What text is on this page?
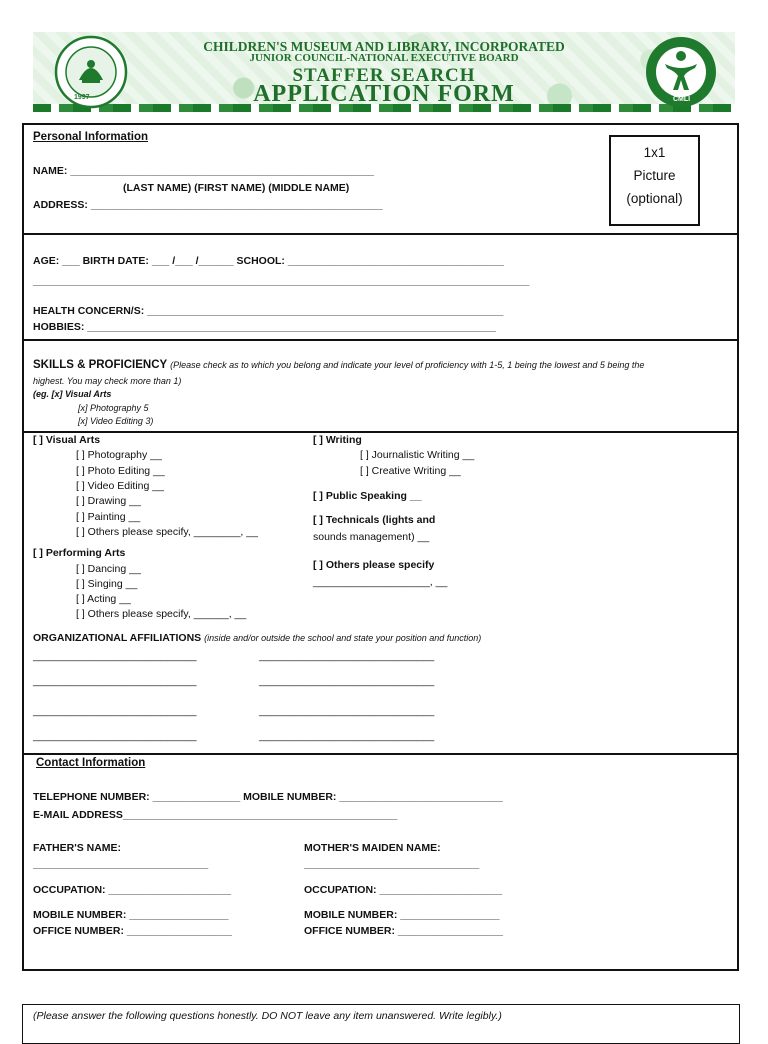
CHILDREN'S MUSEUM AND LIBRARY, INCORPORATED
JUNIOR COUNCIL-NATIONAL EXECUTIVE BOARD
STAFFER SEARCH
APPLICATION FORM
1997	CMLI
Personal Information
1x1
Picture
(optional)
NAME: ____________________________________________________
(LAST NAME) (FIRST NAME) (MIDDLE NAME)
ADDRESS: __________________________________________________
AGE: ___ BIRTH DATE: ___ /___ /______ SCHOOL: _____________________________________
_____________________________________________________________________________________
HEALTH CONCERN/S: _____________________________________________________________
HOBBIES: ______________________________________________________________________
SKILLS & PROFICIENCY (Please check as to which you belong and indicate your level of proficiency with 1-5, 1 being the lowest and 5 being the
highest. You may check more than 1)
(eg. [x] Visual Arts
[x] Photography 5
[x] Video Editing 3)
[ ] Visual Arts
[ ] Photography __
[ ] Photo Editing __
[ ] Video Editing __
[ ] Drawing __
[ ] Painting __
[ ] Others please specify, ________, __
[ ] Performing Arts
[ ] Dancing __
[ ] Singing __
[ ] Acting __
[ ] Others please specify, ______, __
[ ] Writing
[ ] Journalistic Writing __
[ ] Creative Writing __
[ ] Public Speaking __
[ ] Technicals (lights and
sounds management) __
[ ] Others please specify
____________________, __
ORGANIZATIONAL AFFILIATIONS (inside and/or outside the school and state your position and function)
____________________________	______________________________
____________________________	______________________________
____________________________	______________________________
____________________________	______________________________
Contact Information
TELEPHONE NUMBER: _______________ MOBILE NUMBER: ____________________________
E-MAIL ADDRESS_______________________________________________
FATHER'S NAME:
______________________________
MOTHER'S MAIDEN NAME:
______________________________
OCCUPATION: _____________________	OCCUPATION: _____________________
MOBILE NUMBER: _________________	MOBILE NUMBER: _________________
OFFICE NUMBER: __________________	OFFICE NUMBER: __________________
(Please answer the following questions honestly. DO NOT leave any item unanswered. Write legibly.)
